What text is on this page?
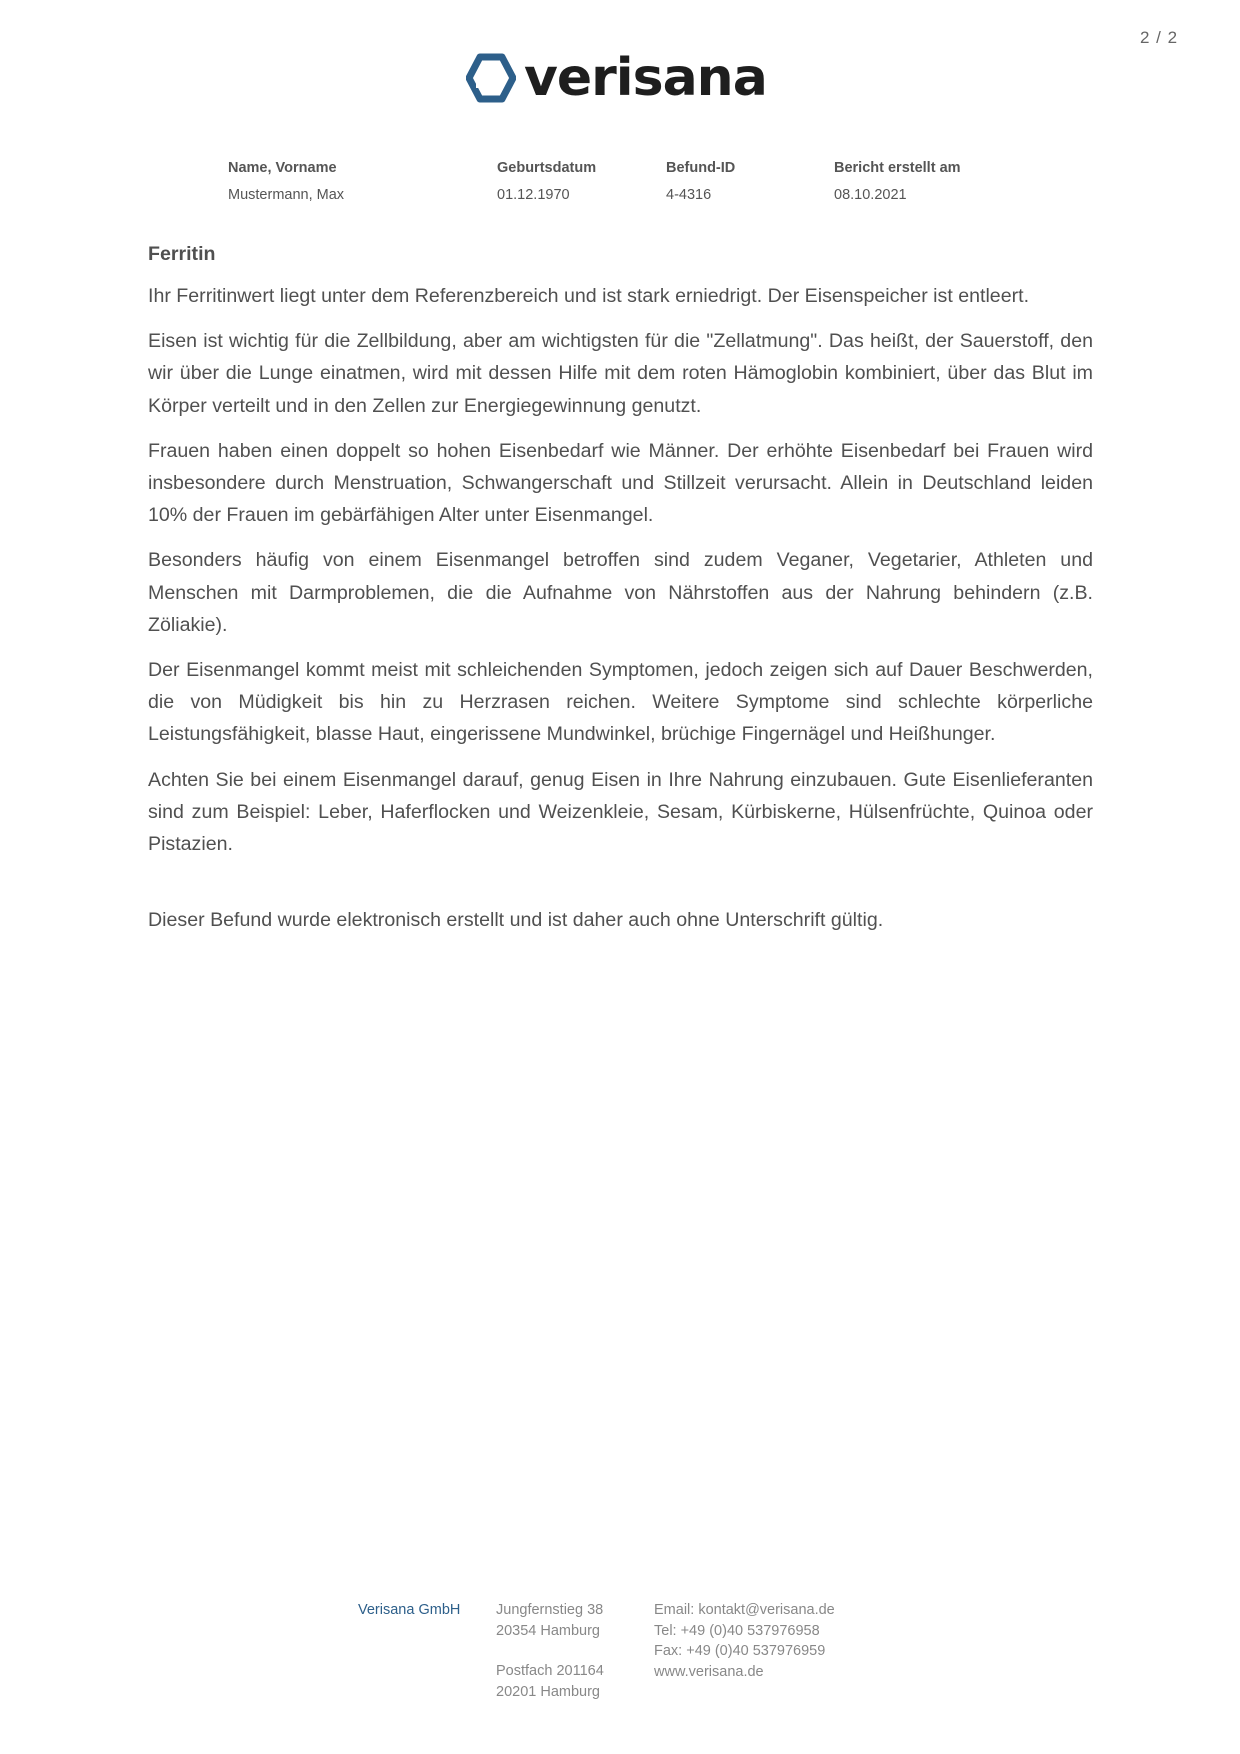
2 / 2
verisana
Name, Vorname
Mustermann, Max
Geburtsdatum
01.12.1970
Befund-ID
4-4316
Bericht erstellt am
08.10.2021
Ferritin

Ihr Ferritinwert liegt unter dem Referenzbereich und ist stark erniedrigt. Der Eisenspeicher ist entleert.

Eisen ist wichtig für die Zellbildung, aber am wichtigsten für die "Zellatmung". Das heißt, der Sauerstoff, den wir über die Lunge einatmen, wird mit dessen Hilfe mit dem roten Hämoglobin kombiniert, über das Blut im Körper verteilt und in den Zellen zur Energiegewinnung genutzt.

Frauen haben einen doppelt so hohen Eisenbedarf wie Männer. Der erhöhte Eisenbedarf bei Frauen wird insbesondere durch Menstruation, Schwangerschaft und Stillzeit verursacht. Allein in Deutschland leiden 10% der Frauen im gebärfähigen Alter unter Eisenmangel.

Besonders häufig von einem Eisenmangel betroffen sind zudem Veganer, Vegetarier, Athleten und Menschen mit Darmproblemen, die die Aufnahme von Nährstoffen aus der Nahrung behindern (z.B. Zöliakie).

Der Eisenmangel kommt meist mit schleichenden Symptomen, jedoch zeigen sich auf Dauer Beschwerden, die von Müdigkeit bis hin zu Herzrasen reichen. Weitere Symptome sind schlechte körperliche Leistungsfähigkeit, blasse Haut, eingerissene Mundwinkel, brüchige Fingernägel und Heißhunger.

Achten Sie bei einem Eisenmangel darauf, genug Eisen in Ihre Nahrung einzubauen. Gute Eisenlieferanten sind zum Beispiel: Leber, Haferflocken und Weizenkleie, Sesam, Kürbiskerne, Hülsenfrüchte, Quinoa oder Pistazien.

Dieser Befund wurde elektronisch erstellt und ist daher auch ohne Unterschrift gültig.

Verisana GmbH Jungfernstieg 38
20354 Hamburg
Postfach 201164
20201 Hamburg
Email: kontakt@verisana.de
Tel: +49 (0)40 537976958
Fax: +49 (0)40 537976959
www.verisana.de
